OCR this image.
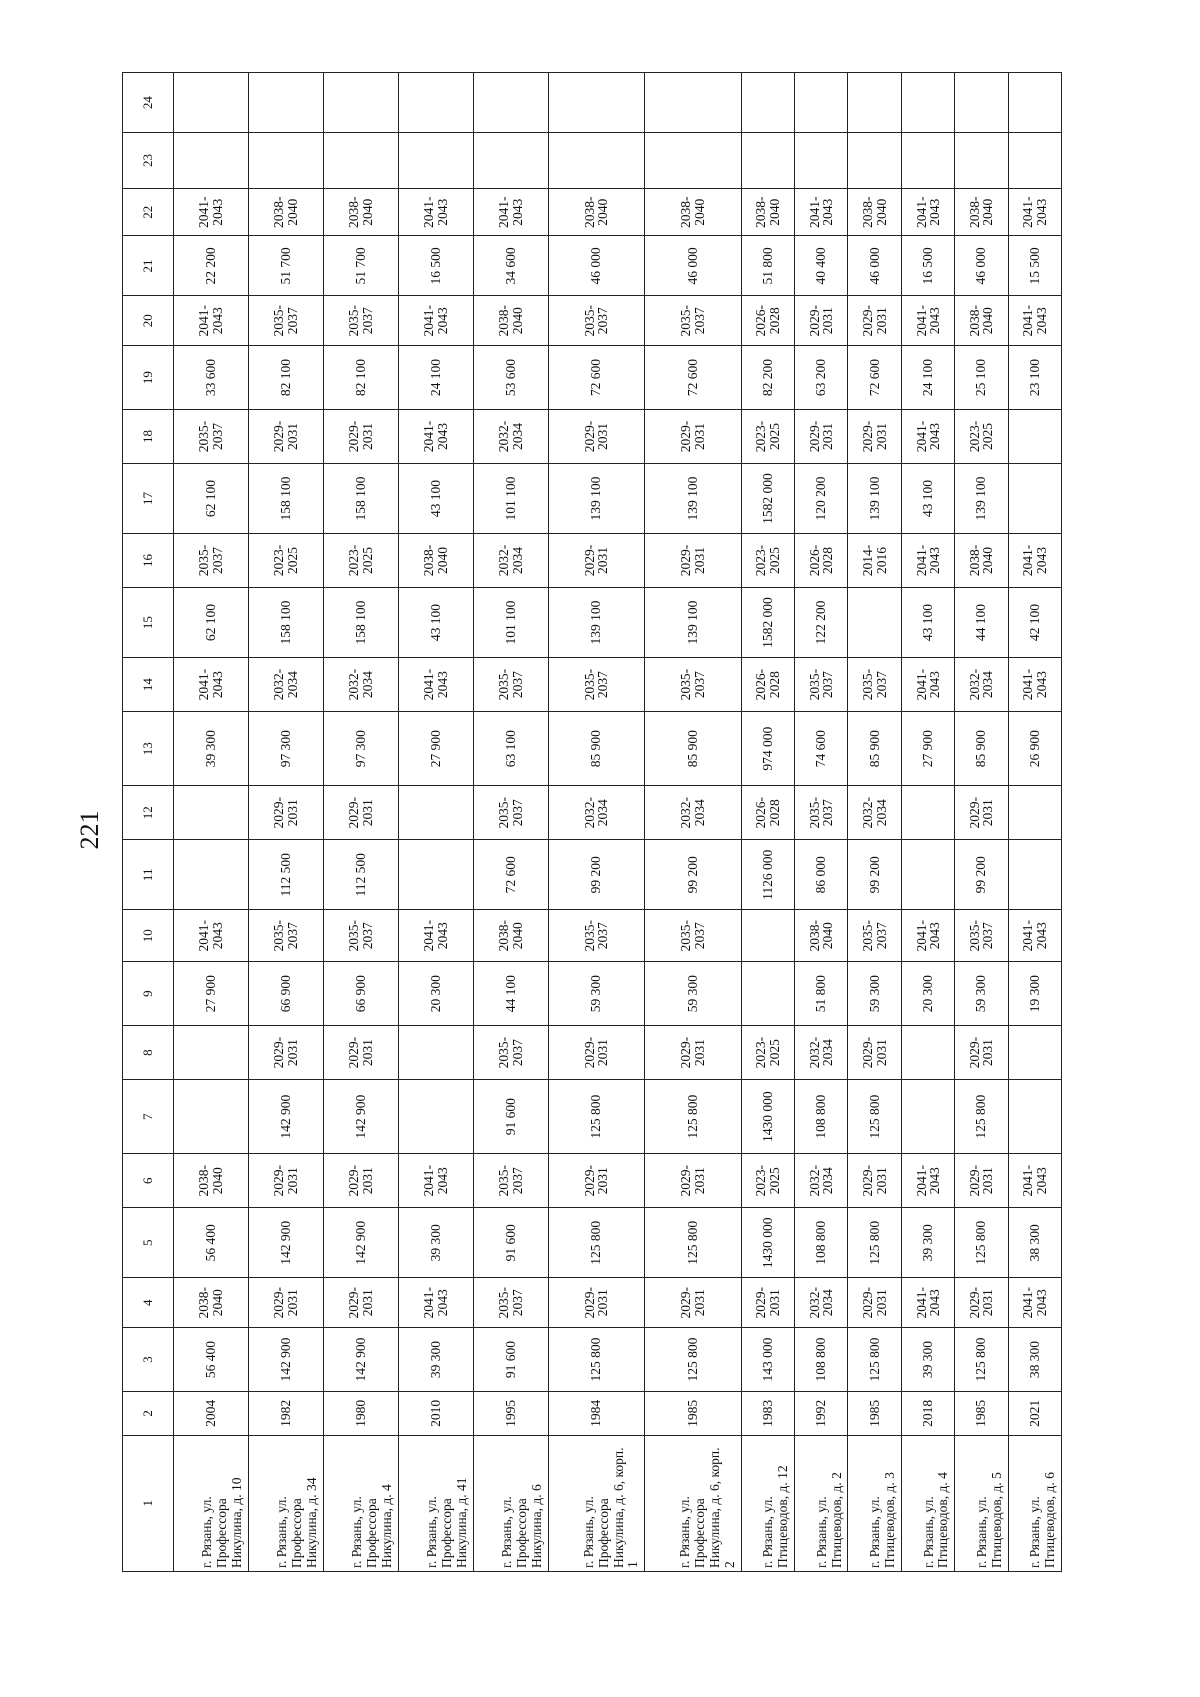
221
1	2	3	4	5	6	7	8	9	10	11	12	13	14	15	16	17	18	19	20	21	22	23	24
г. Рязань, ул. Профессора Никулина, д. 10	2004	56 400	2038-2040	56 400	2038-2040			27 900	2041-2043			39 300	2041-2043	62 100	2035-2037	62 100	2035-2037	33 600	2041-2043	22 200	2041-2043		
г. Рязань, ул. Профессора Никулина, д. 34	1982	142 900	2029-2031	142 900	2029-2031	142 900	2029-2031	66 900	2035-2037	112 500	2029-2031	97 300	2032-2034	158 100	2023-2025	158 100	2029-2031	82 100	2035-2037	51 700	2038-2040		
г. Рязань, ул. Профессора Никулина, д. 4	1980	142 900	2029-2031	142 900	2029-2031	142 900	2029-2031	66 900	2035-2037	112 500	2029-2031	97 300	2032-2034	158 100	2023-2025	158 100	2029-2031	82 100	2035-2037	51 700	2038-2040		
г. Рязань, ул. Профессора Никулина, д. 41	2010	39 300	2041-2043	39 300	2041-2043			20 300	2041-2043			27 900	2041-2043	43 100	2038-2040	43 100	2041-2043	24 100	2041-2043	16 500	2041-2043		
г. Рязань, ул. Профессора Никулина, д. 6	1995	91 600	2035-2037	91 600	2035-2037	91 600	2035-2037	44 100	2038-2040	72 600	2035-2037	63 100	2035-2037	101 100	2032-2034	101 100	2032-2034	53 600	2038-2040	34 600	2041-2043		
г. Рязань, ул. Профессора Никулина, д. 6, корп. 1	1984	125 800	2029-2031	125 800	2029-2031	125 800	2029-2031	59 300	2035-2037	99 200	2032-2034	85 900	2035-2037	139 100	2029-2031	139 100	2029-2031	72 600	2035-2037	46 000	2038-2040		
г. Рязань, ул. Профессора Никулина, д. 6, корп. 2	1985	125 800	2029-2031	125 800	2029-2031	125 800	2029-2031	59 300	2035-2037	99 200	2032-2034	85 900	2035-2037	139 100	2029-2031	139 100	2029-2031	72 600	2035-2037	46 000	2038-2040		
г. Рязань, ул. Птицеводов, д. 12	1983	143 000	2029-2031	1430 000	2023-2025	1430 000	2023-2025			1126 000	2026-2028	974 000	2026-2028	1582 000	2023-2025	1582 000	2023-2025	82 200	2026-2028	51 800	2038-2040		
г. Рязань, ул. Птицеводов, д. 2	1992	108 800	2032-2034	108 800	2032-2034	108 800	2032-2034	51 800	2038-2040	86 000	2035-2037	74 600	2035-2037	122 200	2026-2028	120 200	2029-2031	63 200	2029-2031	40 400	2041-2043		
г. Рязань, ул. Птицеводов, д. 3	1985	125 800	2029-2031	125 800	2029-2031	125 800	2029-2031	59 300	2035-2037	99 200	2032-2034	85 900	2035-2037		2014-2016	139 100	2029-2031	72 600	2029-2031	46 000	2038-2040		
г. Рязань, ул. Птицеводов, д. 4	2018	39 300	2041-2043	39 300	2041-2043			20 300	2041-2043			27 900	2041-2043	43 100	2041-2043	43 100	2041-2043	24 100	2041-2043	16 500	2041-2043		
г. Рязань, ул. Птицеводов, д. 5	1985	125 800	2029-2031	125 800	2029-2031	125 800	2029-2031	59 300	2035-2037	99 200	2029-2031	85 900	2032-2034	44 100	2038-2040	139 100	2023-2025	25 100	2038-2040	46 000	2038-2040		
г. Рязань, ул. Птицеводов, д. 6	2021	38 300	2041-2043	38 300	2041-2043			19 300	2041-2043			26 900	2041-2043	42 100	2041-2043			23 100	2041-2043	15 500	2041-2043		
